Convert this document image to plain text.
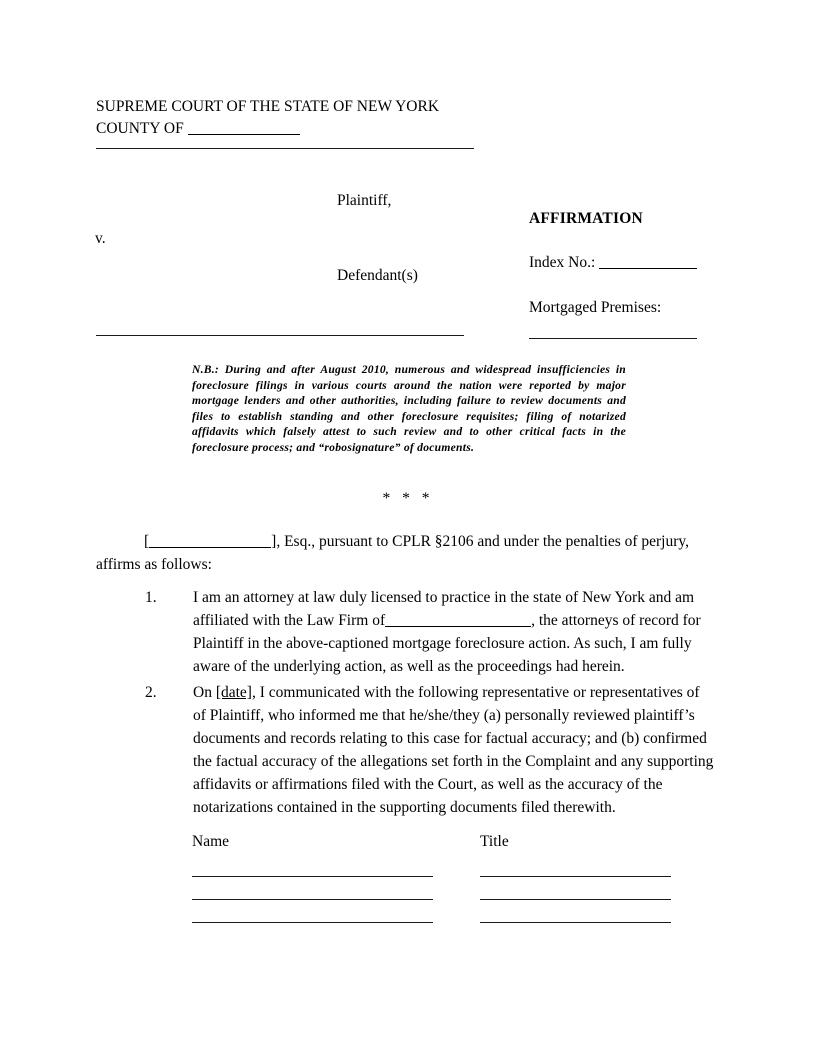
SUPREME COURT OF THE STATE OF NEW YORK
COUNTY OF
Plaintiff,
v.
Defendant(s)
AFFIRMATION
Index No.:
Mortgaged Premises:
N.B.: During and after August 2010, numerous and widespread insufficiencies in foreclosure filings in various courts around the nation were reported by major mortgage lenders and other authorities, including failure to review documents and files to establish standing and other foreclosure requisites; filing of notarized affidavits which falsely attest to such review and to other critical facts in the foreclosure process; and “robosignature” of documents.
* * *
[	], Esq., pursuant to CPLR §2106 and under the penalties of perjury, affirms as follows:
1. I am an attorney at law duly licensed to practice in the state of New York and am affiliated with the Law Firm of	, the attorneys of record for Plaintiff in the above-captioned mortgage foreclosure action. As such, I am fully aware of the underlying action, as well as the proceedings had herein.
2. On [date], I communicated with the following representative or representatives of of Plaintiff, who informed me that he/she/they (a) personally reviewed plaintiff’s documents and records relating to this case for factual accuracy; and (b) confirmed the factual accuracy of the allegations set forth in the Complaint and any supporting affidavits or affirmations filed with the Court, as well as the accuracy of the notarizations contained in the supporting documents filed therewith.
Name	Title
